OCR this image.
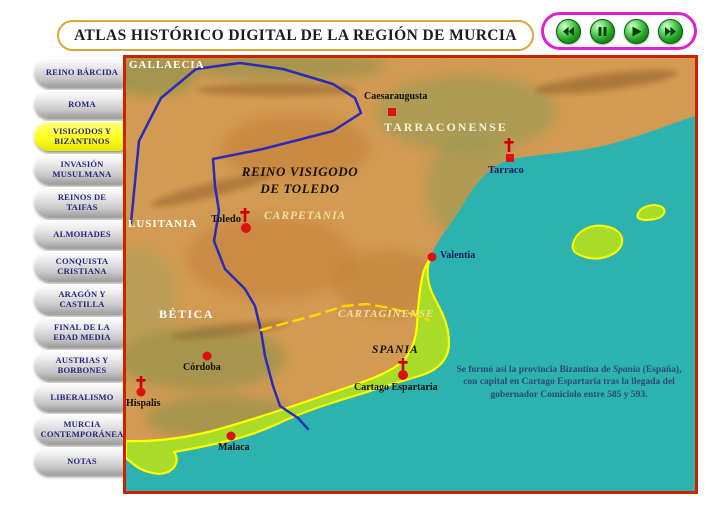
ATLAS HISTÓRICO DIGITAL DE LA REGIÓN DE MURCIA
REINO BÁRCIDA
ROMA
VISIGODOS Y BIZANTINOS
INVASIÓN MUSULMANA
REINOS DE TAIFAS
ALMOHADES
CONQUISTA CRISTIANA
ARAGÓN Y CASTILLA
FINAL DE LA EDAD MEDIA
AUSTRIAS Y BORBONES
LIBERALISMO
MURCIA CONTEMPORÁNEA
NOTAS
GALLAECIA
TARRACONENSE
LUSITANIA
CARPETANIA
BÉTICA	CARTAGINENSE
SPANIA
REINO VISIGODO
DE TOLEDO
Caesaraugusta
Tarraco
Toledo
Valentia
Córdoba
Cartago Espartaria
Hispalis
Malaca
Se formó así la provincia Bizantina de Spania (España), con capital en Cartago Espartaria tras la llegada del gobernador Comiciolo entre 585 y 593.
